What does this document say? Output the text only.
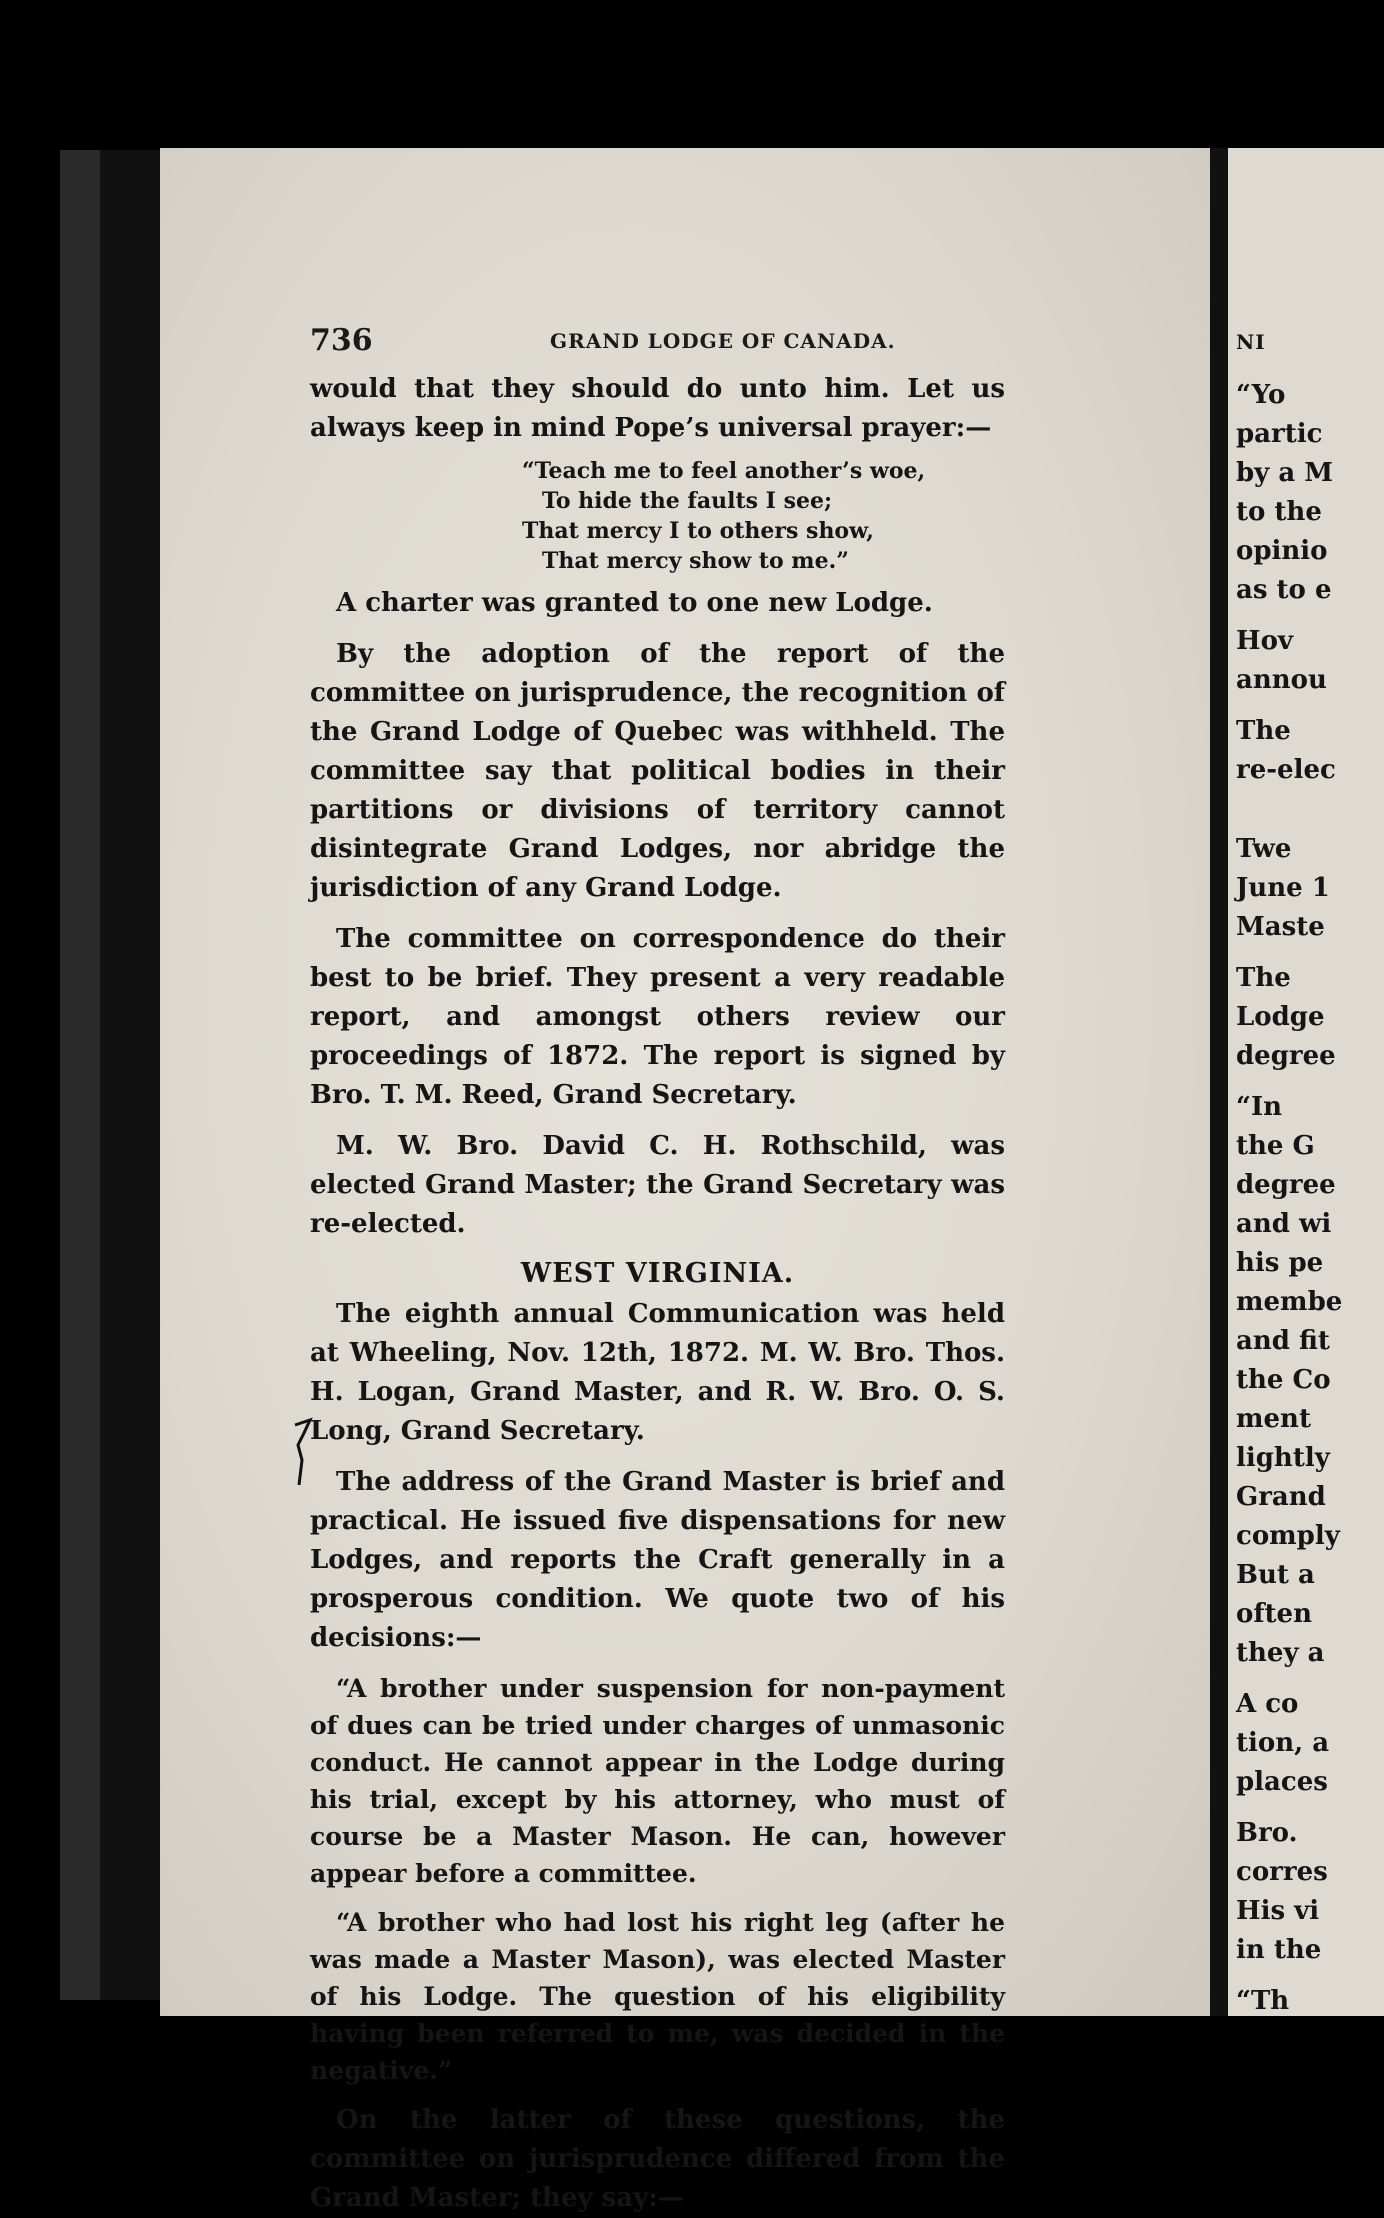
736	GRAND LODGE OF CANADA.

would that they should do unto him. Let us always keep in mind Pope’s universal prayer:—

“Teach me to feel another’s woe,
To hide the faults I see;
That mercy I to others show,
That mercy show to me.”

A charter was granted to one new Lodge.

By the adoption of the report of the committee on jurisprudence, the recognition of the Grand Lodge of Quebec was withheld. The committee say that political bodies in their partitions or divisions of territory cannot disintegrate Grand Lodges, nor abridge the jurisdiction of any Grand Lodge.

The committee on correspondence do their best to be brief. They present a very readable report, and amongst others review our proceedings of 1872. The report is signed by Bro. T. M. Reed, Grand Secretary.

M. W. Bro. David C. H. Rothschild, was elected Grand Master; the Grand Secretary was re-elected.

WEST VIRGINIA.

The eighth annual Communication was held at Wheeling, Nov. 12th, 1872. M. W. Bro. Thos. H. Logan, Grand Master, and R. W. Bro. O. S. Long, Grand Secretary.

The address of the Grand Master is brief and practical. He issued five dispensations for new Lodges, and reports the Craft generally in a prosperous condition. We quote two of his decisions:—

“A brother under suspension for non-payment of dues can be tried under charges of unmasonic conduct. He cannot appear in the Lodge during his trial, except by his attorney, who must of course be a Master Mason. He can, however appear before a committee.

“A brother who had lost his right leg (after he was made a Master Mason), was elected Master of his Lodge. The question of his eligibility having been referred to me, was decided in the negative.”

On the latter of these questions, the committee on jurisprudence differed from the Grand Master; they say:—

NI
“Yo
partic
by a M
to the
opinio
as to e
Hov
annou
The
re-elec
Twe
June 1
Maste
The
Lodge
degree
“In
the G
degree
and wi
his pe
membe
and fit
the Co
ment
lightly
Grand
comply
But a
often
they a
A co
tion, a
places
Bro.
corres
His vi
in the
“Th
